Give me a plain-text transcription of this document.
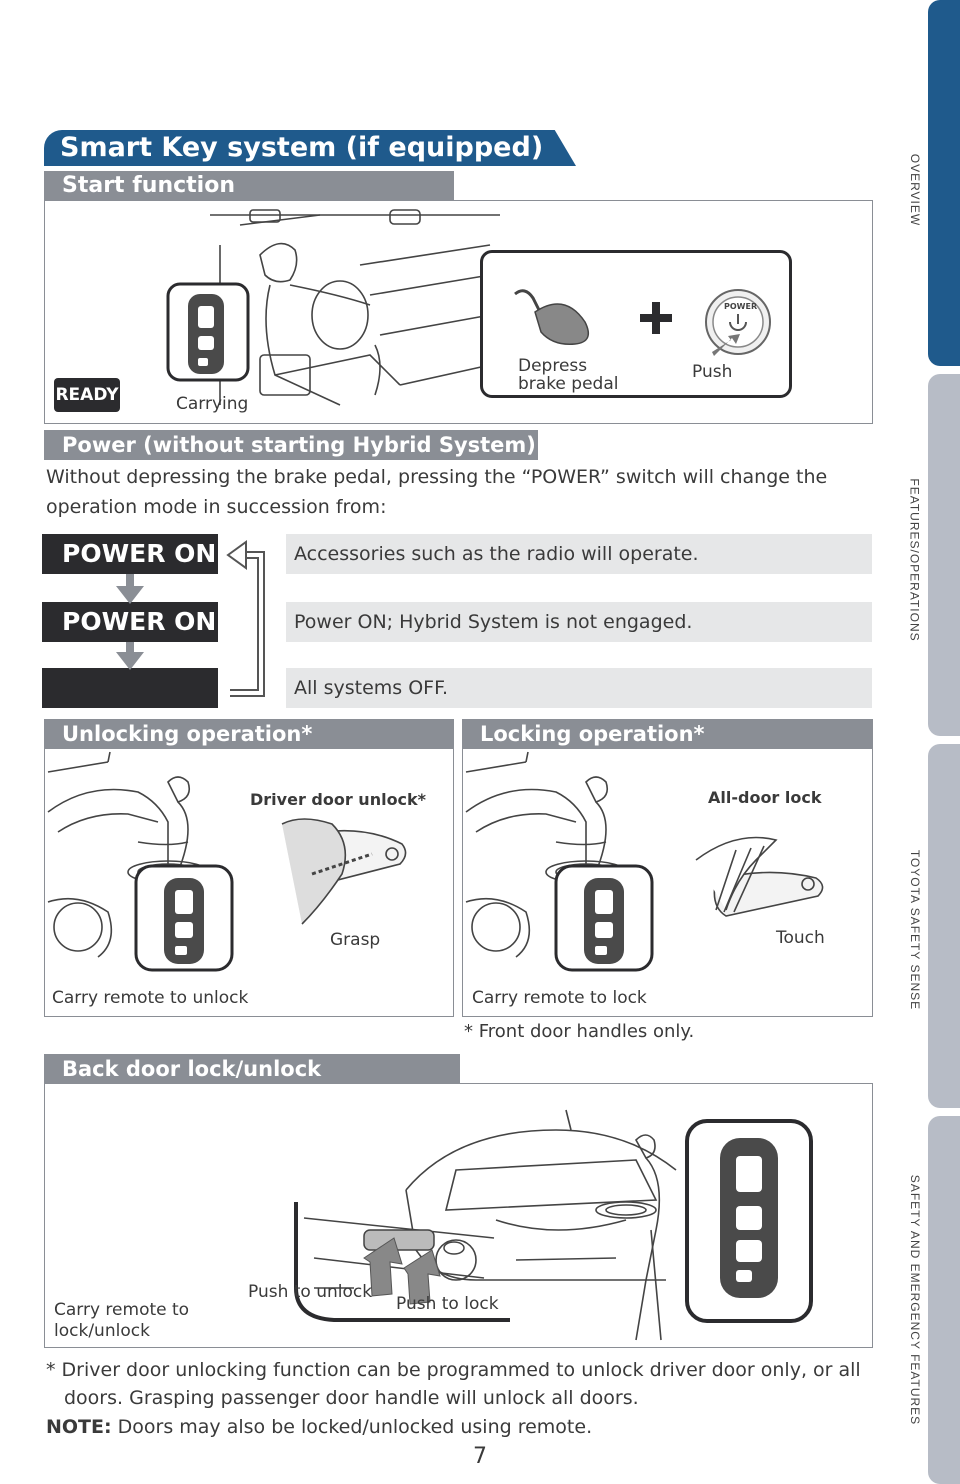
OVERVIEW
FEATURES/OPERATIONS
TOYOTA SAFETY SENSE
SAFETY AND EMERGENCY FEATURES
Smart Key system (if equipped)
Start function
READY	Carrying
POWER
Depress
brake pedal
Push
Power (without starting Hybrid System)
Without depressing the brake pedal, pressing the “POWER” switch will change the operation mode in succession from:
POWER ON	Accessories such as the radio will operate.
POWER ON	Power ON; Hybrid System is not engaged.
All systems OFF.
Unlocking operation*	Locking operation*
Driver door unlock*
Grasp
Carry remote to unlock
All-door lock
Touch
Carry remote to lock
* Front door handles only.
Back door lock/unlock
Push to unlock
Push to lock
Carry remote to
lock/unlock
* Driver door unlocking function can be programmed to unlock driver door only, or all doors. Grasping passenger door handle will unlock all doors.
NOTE: Doors may also be locked/unlocked using remote.
7
